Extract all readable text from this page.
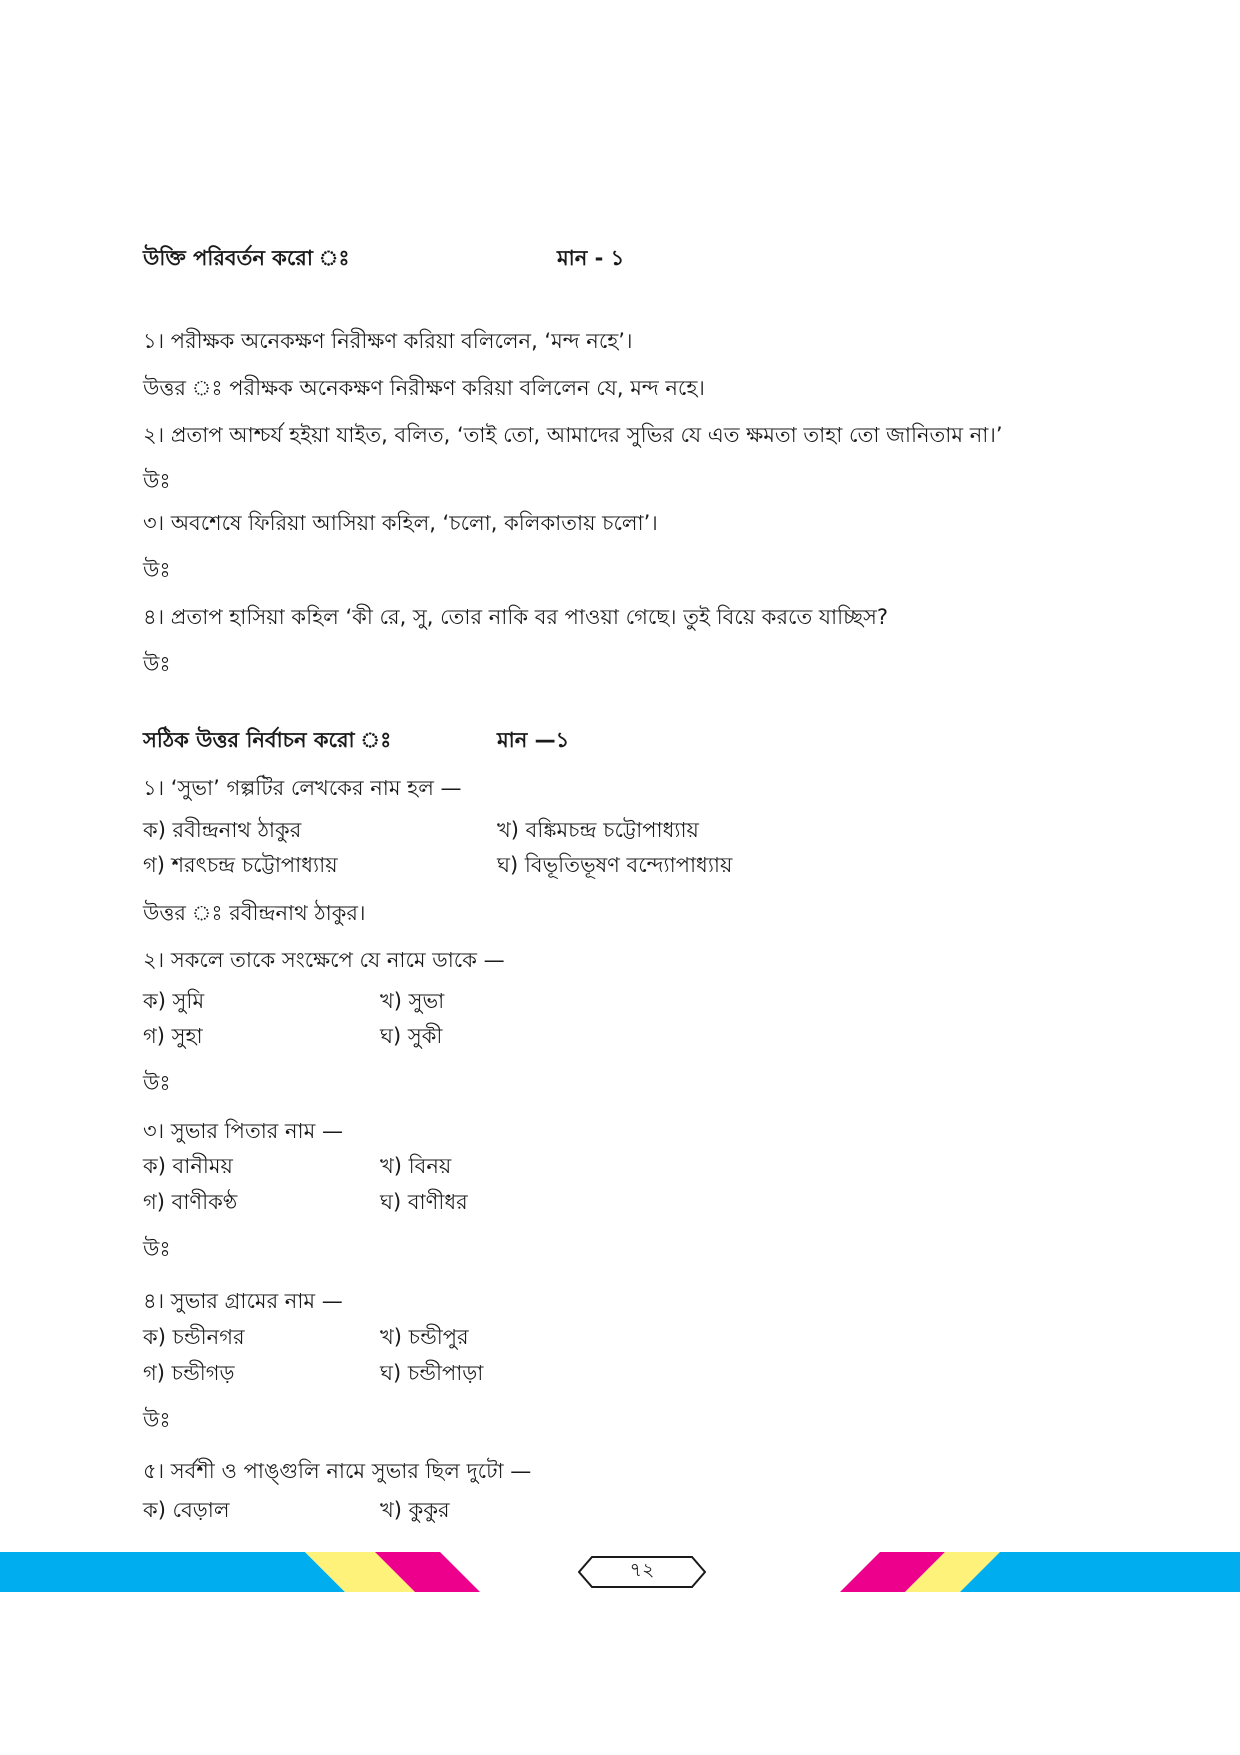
উক্তি পরিবর্তন করো ঃ	মান - ১
১। পরীক্ষক অনেকক্ষণ নিরীক্ষণ করিয়া বলিলেন, ‘মন্দ নহে’।
উত্তর ঃ পরীক্ষক অনেকক্ষণ নিরীক্ষণ করিয়া বলিলেন যে, মন্দ নহে।
২। প্রতাপ আশ্চর্য হইয়া যাইত, বলিত, ‘তাই তো, আমাদের সুভির যে এত ক্ষমতা তাহা তো জানিতাম না।’
উঃ
৩। অবশেষে ফিরিয়া আসিয়া কহিল, ‘চলো, কলিকাতায় চলো’।
উঃ
৪। প্রতাপ হাসিয়া কহিল ‘কী রে, সু, তোর নাকি বর পাওয়া গেছে। তুই বিয়ে করতে যাচ্ছিস?
উঃ
সঠিক উত্তর নির্বাচন করো ঃ	মান —১
১। ‘সুভা’ গল্পটির লেখকের নাম হল —
ক) রবীন্দ্রনাথ ঠাকুর	খ) বঙ্কিমচন্দ্র চট্টোপাধ্যায়
গ) শরৎচন্দ্র চট্টোপাধ্যায়	ঘ) বিভূতিভূষণ বন্দ্যোপাধ্যায়
উত্তর ঃ রবীন্দ্রনাথ ঠাকুর।
২। সকলে তাকে সংক্ষেপে যে নামে ডাকে —
ক) সুমি	খ) সুভা
গ) সুহা	ঘ) সুকী
উঃ
৩। সুভার পিতার নাম —
ক) বানীময়	খ) বিনয়
গ) বাণীকণ্ঠ	ঘ) বাণীধর
উঃ
৪। সুভার গ্রামের নাম —
ক) চন্ডীনগর	খ) চন্ডীপুর
গ) চন্ডীগড়	ঘ) চন্ডীপাড়া
উঃ
৫। সর্বশী ও পাঙ্গুলি নামে সুভার ছিল দুটো —
ক) বেড়াল	খ) কুকুর
৭২
